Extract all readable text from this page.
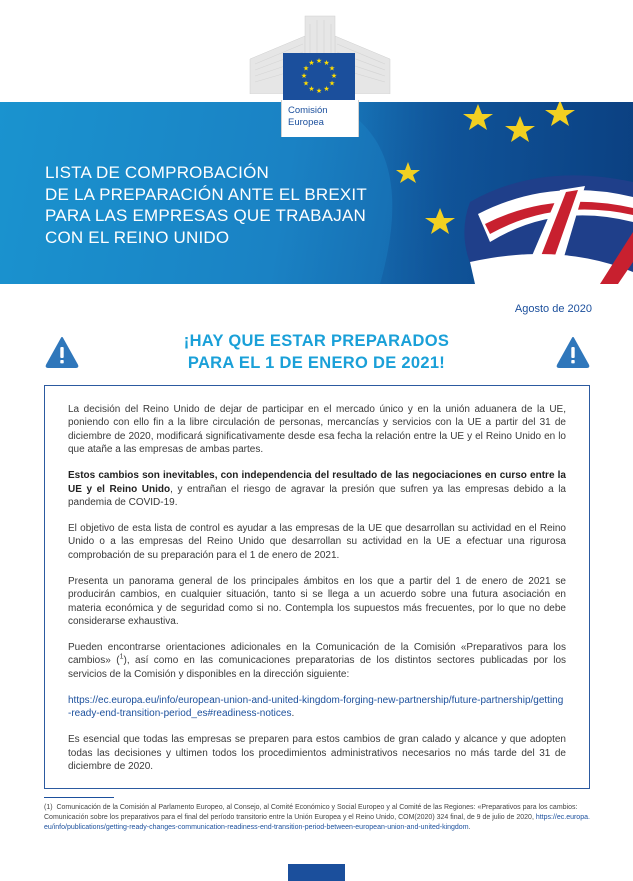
LISTA DE COMPROBACIÓN
DE LA PREPARACIÓN ANTE EL BREXIT
PARA LAS EMPRESAS QUE TRABAJAN
CON EL REINO UNIDO
★ ★
★
★
★
★
★
★
★
★
★
★
Comisión
Europea
Agosto de 2020
¡HAY QUE ESTAR PREPARADOS
PARA EL 1 DE ENERO DE 2021!

La decisión del Reino Unido de dejar de participar en el mercado único y en la unión aduanera de la UE, poniendo con ello fin a la libre circulación de personas, mercancías y servicios con la UE a partir del 31 de diciembre de 2020, modificará significativamente desde esa fecha la relación entre la UE y el Reino Unido en lo que atañe a las empresas de ambas partes.

Estos cambios son inevitables, con independencia del resultado de las negociaciones en curso entre la UE y el Reino Unido, y entrañan el riesgo de agravar la presión que sufren ya las empresas debido a la pandemia de COVID-19.

El objetivo de esta lista de control es ayudar a las empresas de la UE que desarrollan su actividad en el Reino Unido o a las empresas del Reino Unido que desarrollan su actividad en la UE a efectuar una rigurosa comprobación de su preparación para el 1 de enero de 2021.

Presenta un panorama general de los principales ámbitos en los que a partir del 1 de enero de 2021 se producirán cambios, en cualquier situación, tanto si se llega a un acuerdo sobre una futura asociación en materia económica y de seguridad como si no. Contempla los supuestos más frecuentes, por lo que no debe considerarse exhaustiva.

Pueden encontrarse orientaciones adicionales en la Comunicación de la Comisión «Preparativos para los cambios» ($^1$), así como en las comunicaciones preparatorias de los distintos sectores publicadas por los servicios de la Comisión y disponibles en la dirección siguiente:

https://ec.europa.eu/info/european-union-and-united-kingdom-forging-new-partnership/future-partnership/getting-ready-end-transition-period_es#readiness-notices.

Es esencial que todas las empresas se preparen para estos cambios de gran calado y alcance y que adopten todas las decisiones y ultimen todos los procedimientos administrativos necesarios no más tarde del 31 de diciembre de 2020.

(1) Comunicación de la Comisión al Parlamento Europeo, al Consejo, al Comité Económico y Social Europeo y al Comité de las Regiones: «Preparativos para los cambios: Comunicación sobre los preparativos para el final del período transitorio entre la Unión Europea y el Reino Unido, COM(2020) 324 final, de 9 de julio de 2020, https://ec.europa.eu/info/publications/getting-ready-changes-communication-readiness-end-transition-period-between-european-union-and-united-kingdom.
